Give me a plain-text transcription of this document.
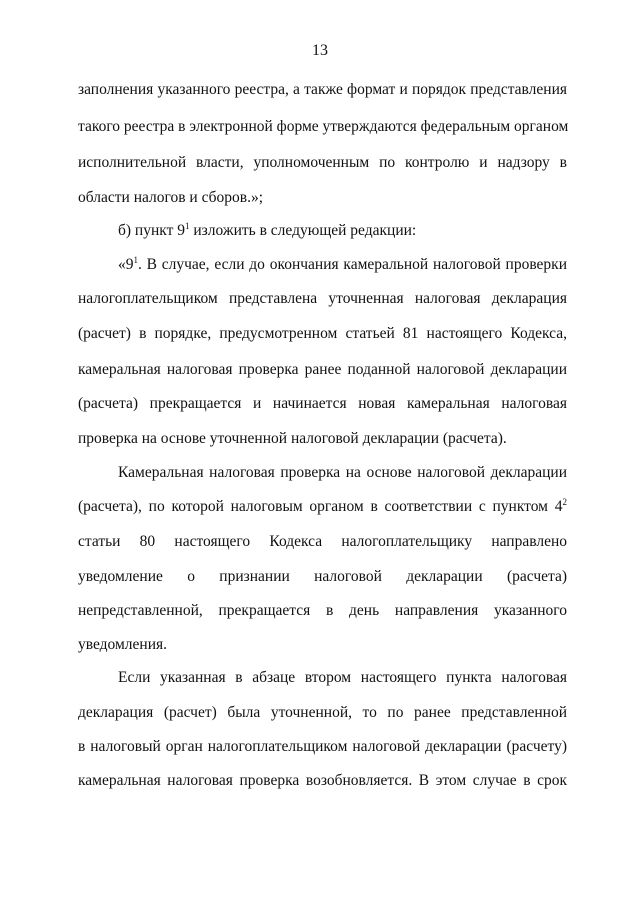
13
заполнения указанного реестра, а также формат и порядок представления
такого реестра в электронной форме утверждаются федеральным органом
исполнительной власти, уполномоченным по контролю и надзору в
области налогов и сборов.»;
б) пункт $9^1$ изложить в следующей редакции:
«$9^1$. В случае, если до окончания камеральной налоговой проверки
налогоплательщиком представлена уточненная налоговая декларация
(расчет) в порядке, предусмотренном статьей 81 настоящего Кодекса,
камеральная налоговая проверка ранее поданной налоговой декларации
(расчета) прекращается и начинается новая камеральная налоговая
проверка на основе уточненной налоговой декларации (расчета).
Камеральная налоговая проверка на основе налоговой декларации
(расчета), по которой налоговым органом в соответствии с пунктом $4^2$
статьи 80 настоящего Кодекса налогоплательщику направлено
уведомление о признании налоговой декларации (расчета)
непредставленной, прекращается в день направления указанного
уведомления.
Если указанная в абзаце втором настоящего пункта налоговая
декларация (расчет) была уточненной, то по ранее представленной
в налоговый орган налогоплательщиком налоговой декларации (расчету)
камеральная налоговая проверка возобновляется. В этом случае в срок
